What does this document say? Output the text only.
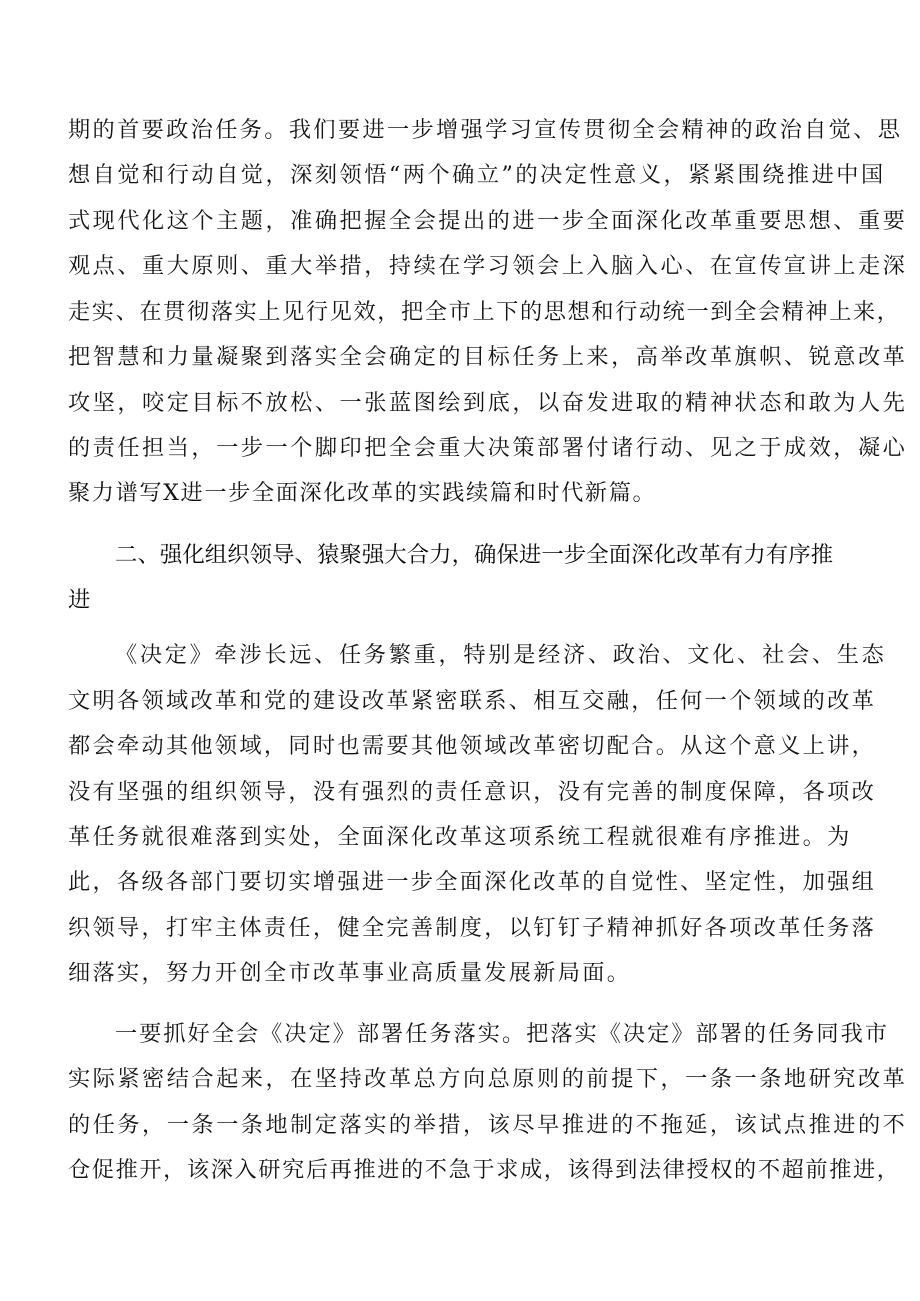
期的首要政治任务。我们要进一步增强学习宣传贯彻全会精神的政治自觉、思

想自觉和行动自觉，深刻领悟“两个确立”的决定性意义，紧紧围绕推进中国

式现代化这个主题，准确把握全会提出的进一步全面深化改革重要思想、重要

观点、重大原则、重大举措，持续在学习领会上入脑入心、在宣传宣讲上走深

走实、在贯彻落实上见行见效，把全市上下的思想和行动统一到全会精神上来，

把智慧和力量凝聚到落实全会确定的目标任务上来，高举改革旗帜、锐意改革

攻坚，咬定目标不放松、一张蓝图绘到底，以奋发进取的精神状态和敢为人先

的责任担当，一步一个脚印把全会重大决策部署付诸行动、见之于成效，凝心

聚力谱写X进一步全面深化改革的实践续篇和时代新篇。

二、强化组织领导、猿聚强大合力，确保进一步全面深化改革有力有序推

进

《决定》牵涉长远、任务繁重，特别是经济、政治、文化、社会、生态

文明各领域改革和党的建设改革紧密联系、相互交融，任何一个领域的改革

都会牵动其他领域，同时也需要其他领域改革密切配合。从这个意义上讲，

没有坚强的组织领导，没有强烈的责任意识，没有完善的制度保障，各项改

革任务就很难落到实处，全面深化改革这项系统工程就很难有序推进。为

此，各级各部门要切实增强进一步全面深化改革的自觉性、坚定性，加强组

织领导，打牢主体责任，健全完善制度，以钉钉子精神抓好各项改革任务落

细落实，努力开创全市改革事业高质量发展新局面。

一要抓好全会《决定》部署任务落实。把落实《决定》部署的任务同我市

实际紧密结合起来，在坚持改革总方向总原则的前提下，一条一条地研究改革

的任务，一条一条地制定落实的举措，该尽早推进的不拖延，该试点推进的不

仓促推开，该深入研究后再推进的不急于求成，该得到法律授权的不超前推进，
